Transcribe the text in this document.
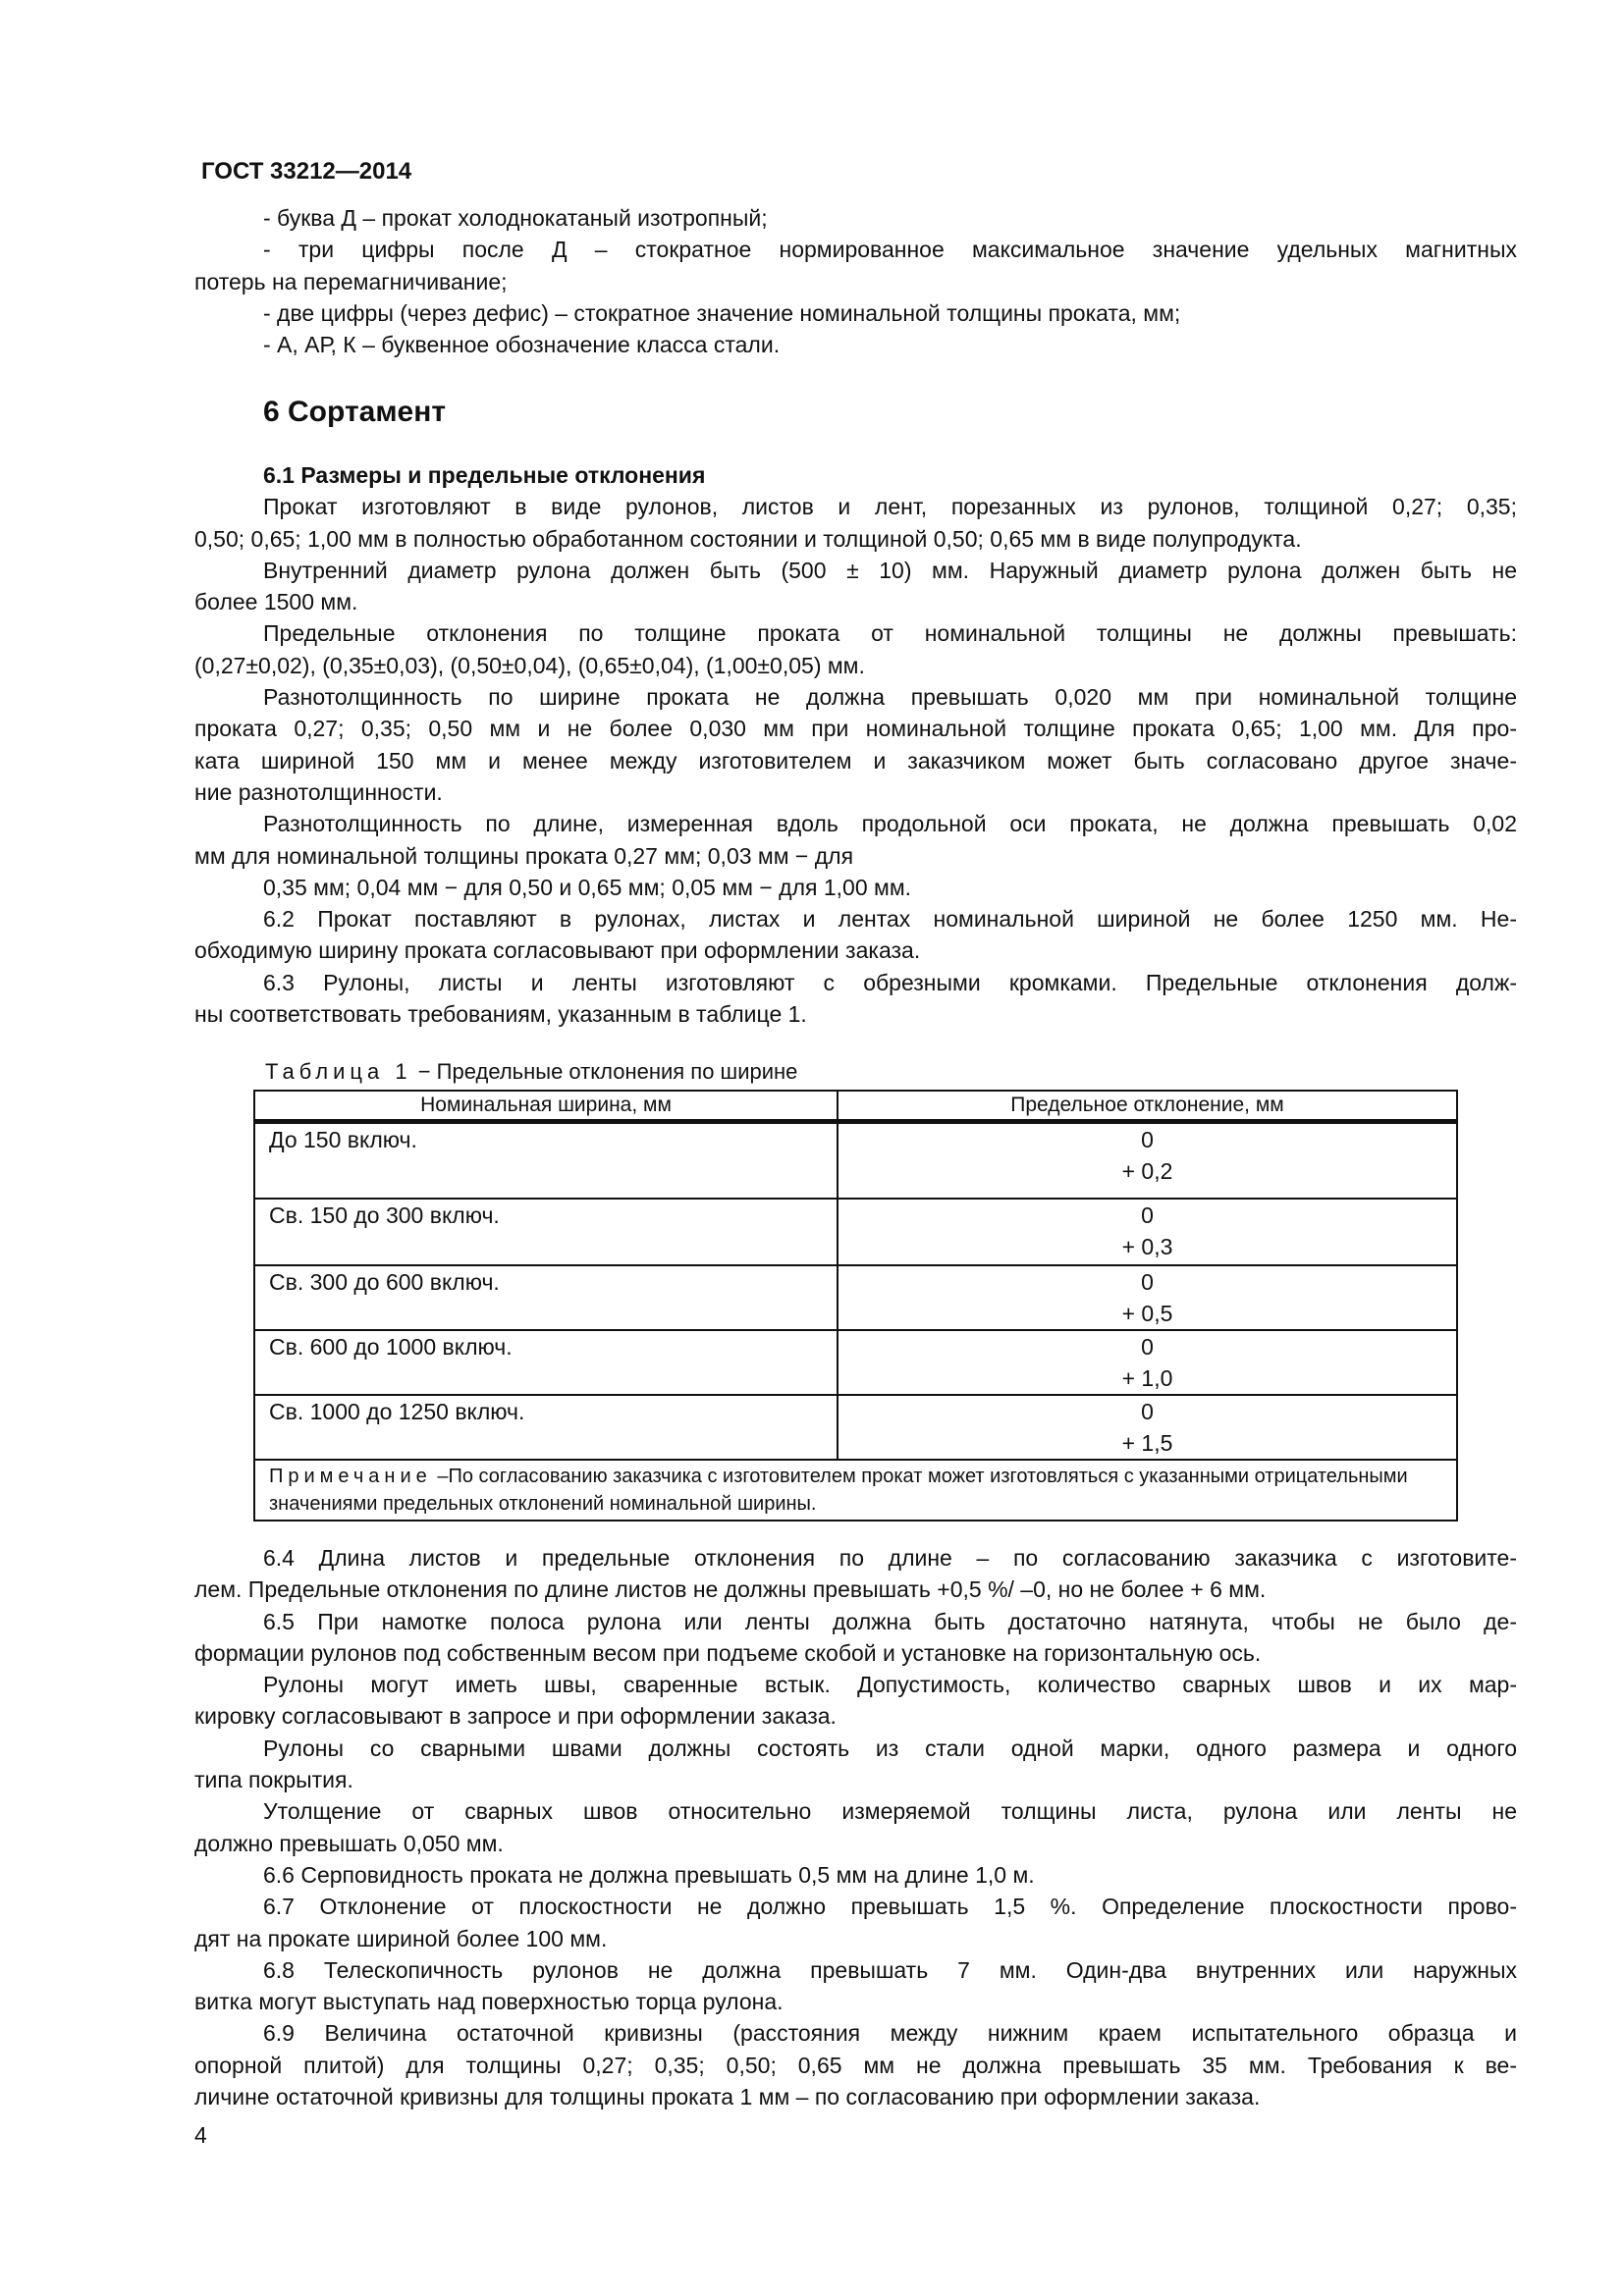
ГОСТ 33212—2014
- буква Д – прокат холоднокатаный изотропный;
- три цифры после Д – стократное нормированное максимальное значение удельных магнитных
потерь на перемагничивание;
- две цифры (через дефис) – стократное значение номинальной толщины проката, мм;
- А, АР, К – буквенное обозначение класса стали.
6 Сортамент
6.1 Размеры и предельные отклонения
Прокат изготовляют в виде рулонов, листов и лент, порезанных из рулонов, толщиной 0,27; 0,35;
0,50; 0,65; 1,00 мм в полностью обработанном состоянии и толщиной 0,50; 0,65 мм в виде полупродукта.
Внутренний диаметр рулона должен быть (500 ± 10) мм. Наружный диаметр рулона должен быть не
более 1500 мм.
Предельные отклонения по толщине проката от номинальной толщины не должны превышать:
(0,27±0,02), (0,35±0,03), (0,50±0,04), (0,65±0,04), (1,00±0,05) мм.
Разнотолщинность по ширине проката не должна превышать 0,020 мм при номинальной толщине
проката 0,27; 0,35; 0,50 мм и не более 0,030 мм при номинальной толщине проката 0,65; 1,00 мм. Для про-
ката шириной 150 мм и менее между изготовителем и заказчиком может быть согласовано другое значе-
ние разнотолщинности.
Разнотолщинность по длине, измеренная вдоль продольной оси проката, не должна превышать 0,02
мм для номинальной толщины проката 0,27 мм; 0,03 мм − для
0,35 мм; 0,04 мм − для 0,50 и 0,65 мм; 0,05 мм − для 1,00 мм.
6.2 Прокат поставляют в рулонах, листах и лентах номинальной шириной не более 1250 мм. Не-
обходимую ширину проката согласовывают при оформлении заказа.
6.3 Рулоны, листы и ленты изготовляют с обрезными кромками. Предельные отклонения долж-
ны соответствовать требованиям, указанным в таблице 1.
Таблица 1 − Предельные отклонения по ширине
Номинальная ширина, мм	Предельное отклонение, мм
До 150 включ.	0
+ 0,2

Св. 150 до 300 включ.	0
+ 0,3

Св. 300 до 600 включ.	0
+ 0,5

Св. 600 до 1000 включ.	0
+ 1,0

Св. 1000 до 1250 включ.	0
+ 1,5

Примечание –По согласованию заказчика с изготовителем прокат может изготовляться с указанными отрицательными значениями предельных отклонений номинальной ширины.	
6.4 Длина листов и предельные отклонения по длине – по согласованию заказчика с изготовите-
лем. Предельные отклонения по длине листов не должны превышать +0,5 %/ –0, но не более + 6 мм.
6.5 При намотке полоса рулона или ленты должна быть достаточно натянута, чтобы не было де-
формации рулонов под собственным весом при подъеме скобой и установке на горизонтальную ось.
Рулоны могут иметь швы, сваренные встык. Допустимость, количество сварных швов и их мар-
кировку согласовывают в запросе и при оформлении заказа.
Рулоны со сварными швами должны состоять из стали одной марки, одного размера и одного
типа покрытия.
Утолщение от сварных швов относительно измеряемой толщины листа, рулона или ленты не
должно превышать 0,050 мм.
6.6 Серповидность проката не должна превышать 0,5 мм на длине 1,0 м.
6.7 Отклонение от плоскостности не должно превышать 1,5 %. Определение плоскостности прово-
дят на прокате шириной более 100 мм.
6.8 Телескопичность рулонов не должна превышать 7 мм. Один-два внутренних или наружных
витка могут выступать над поверхностью торца рулона.
6.9 Величина остаточной кривизны (расстояния между нижним краем испытательного образца и
опорной плитой) для толщины 0,27; 0,35; 0,50; 0,65 мм не должна превышать 35 мм. Требования к ве-
личине остаточной кривизны для толщины проката 1 мм – по согласованию при оформлении заказа.
4
